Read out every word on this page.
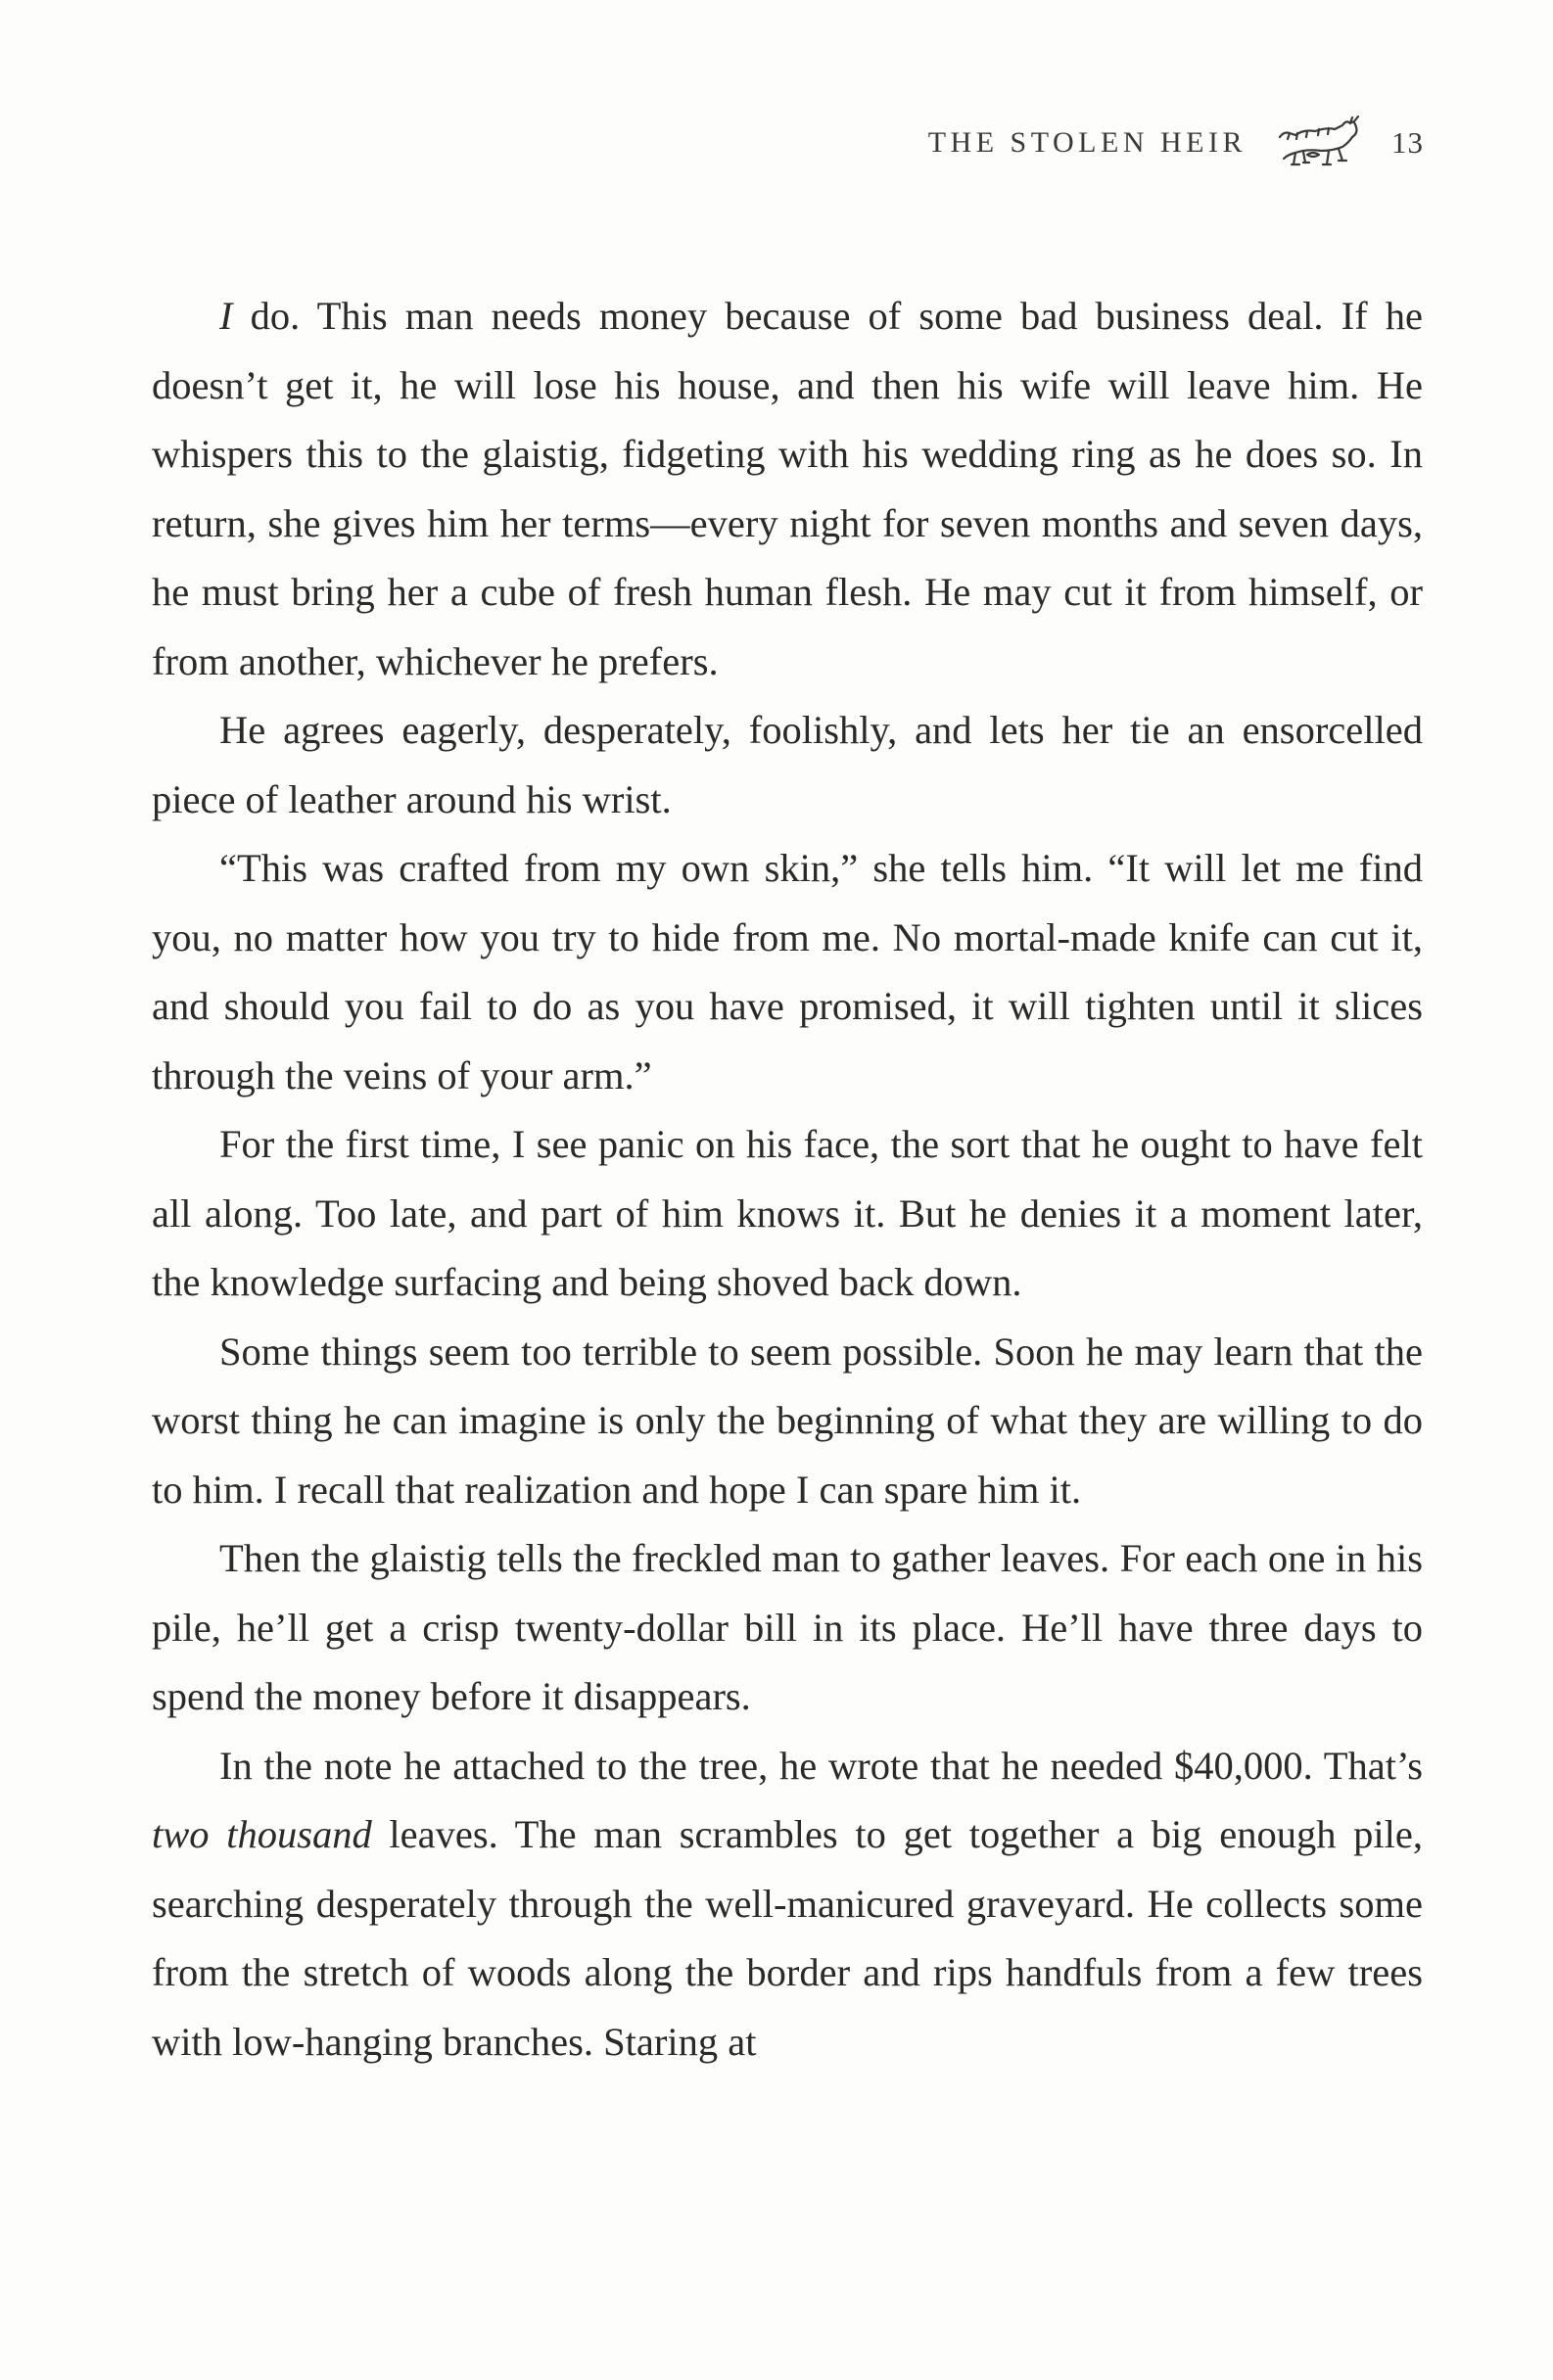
THE STOLEN HEIR	13

I do. This man needs money because of some bad business deal. If he doesn’t get it, he will lose his house, and then his wife will leave him. He whispers this to the glaistig, fidgeting with his wedding ring as he does so. In return, she gives him her terms—every night for seven months and seven days, he must bring her a cube of fresh human flesh. He may cut it from himself, or from another, whichever he prefers.

He agrees eagerly, desperately, foolishly, and lets her tie an ensorcelled piece of leather around his wrist.

“This was crafted from my own skin,” she tells him. “It will let me find you, no matter how you try to hide from me. No mortal-made knife can cut it, and should you fail to do as you have promised, it will tighten until it slices through the veins of your arm.”

For the first time, I see panic on his face, the sort that he ought to have felt all along. Too late, and part of him knows it. But he denies it a moment later, the knowledge surfacing and being shoved back down.

Some things seem too terrible to seem possible. Soon he may learn that the worst thing he can imagine is only the beginning of what they are willing to do to him. I recall that realization and hope I can spare him it.

Then the glaistig tells the freckled man to gather leaves. For each one in his pile, he’ll get a crisp twenty-dollar bill in its place. He’ll have three days to spend the money before it disappears.

In the note he attached to the tree, he wrote that he needed $40,000. That’s two thousand leaves. The man scrambles to get together a big enough pile, searching desperately through the well-manicured graveyard. He collects some from the stretch of woods along the border and rips handfuls from a few trees with low-hanging branches. Staring at
